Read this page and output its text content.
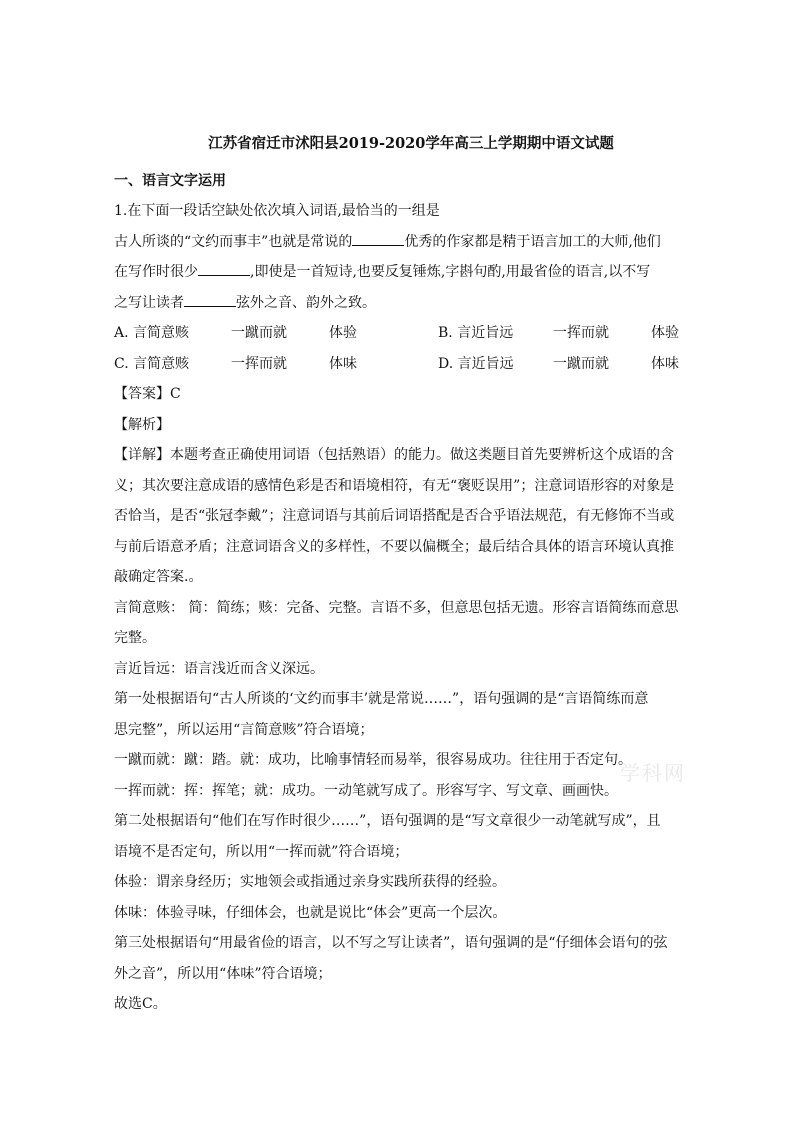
江苏省宿迁市沭阳县2019-2020学年高三上学期期中语文试题
一、语言文字运用
1.在下面一段话空缺处依次填入词语,最恰当的一组是
古人所谈的“文约而事丰”也就是常说的	优秀的作家都是精于语言加工的大师,他们
在写作时很少	,即使是一首短诗,也要反复锤炼,字斟句酌,用最省俭的语言,以不写
之写让读者	弦外之音、韵外之致。
A. 言简意赅	一蹴而就	体验	B. 言近旨远	一挥而就	体验
C. 言简意赅	一挥而就	体味	D. 言近旨远	一蹴而就	体味
【答案】C
【解析】
【详解】本题考查正确使用词语（包括熟语）的能力。做这类题目首先要辨析这个成语的含
义；其次要注意成语的感情色彩是否和语境相符，有无“褒贬误用”；注意词语形容的对象是
否恰当，是否“张冠李戴”；注意词语与其前后词语搭配是否合乎语法规范，有无修饰不当或
与前后语意矛盾；注意词语含义的多样性，不要以偏概全；最后结合具体的语言环境认真推
敲确定答案.。
言简意赅： 简：简练；赅：完备、完整。言语不多，但意思包括无遗。形容言语简练而意思
完整。
言近旨远：语言浅近而含义深远。
第一处根据语句“古人所谈的‘文约而事丰’就是常说……”，语句强调的是“言语简练而意
思完整”，所以运用“言简意赅”符合语境；
一蹴而就：蹴：踏。就：成功，比喻事情轻而易举，很容易成功。往往用于否定句。
一挥而就：挥：挥笔；就：成功。一动笔就写成了。形容写字、写文章、画画快。
第二处根据语句“他们在写作时很少……”，语句强调的是“写文章很少一动笔就写成”，且
语境不是否定句，所以用“一挥而就”符合语境；
体验：谓亲身经历；实地领会或指通过亲身实践所获得的经验。
体味：体验寻味，仔细体会，也就是说比“体会”更高一个层次。
第三处根据语句“用最省俭的语言，以不写之写让读者”，语句强调的是“仔细体会语句的弦
外之音”，所以用“体味”符合语境；
故选C。
学科网
